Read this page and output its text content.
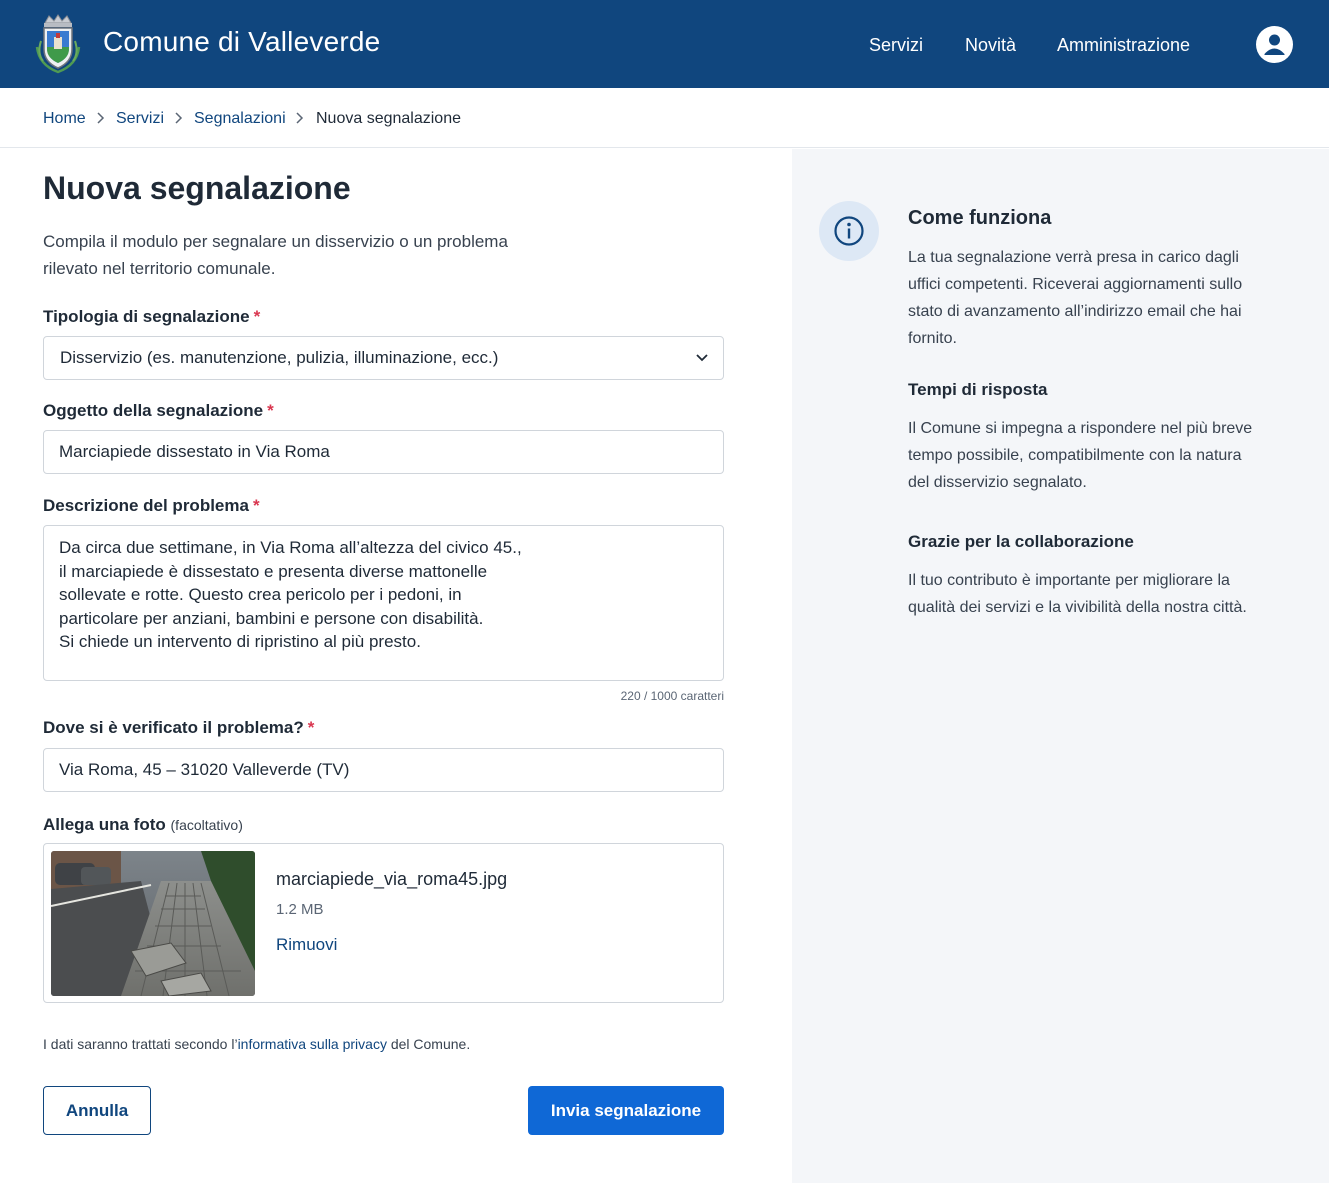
Comune di Valleverde	Servizi Novità Amministrazione
Home Servizi Segnalazioni Nuova segnalazione
Nuova segnalazione

Compila il modulo per segnalare un disservizio o un problema rilevato nel territorio comunale.

Tipologia di segnalazione *
Disservizio (es. manutenzione, pulizia, illuminazione, ecc.)
Oggetto della segnalazione *
Marciapiede dissestato in Via Roma
Descrizione del problema *
Da circa due settimane, in Via Roma all’altezza del civico 45., il marciapiede è dissestato e presenta diverse mattonelle sollevate e rotte. Questo crea pericolo per i pedoni, in particolare per anziani, bambini e persone con disabilità. Si chiede un intervento di ripristino al più presto.
220 / 1000 caratteri
Dove si è verificato il problema? *
Via Roma, 45 – 31020 Valleverde (TV)
Allega una foto (facoltativo)
marciapiede_via_roma45.jpg
1.2 MB
Rimuovi

I dati saranno trattati secondo l’informativa sulla privacy del Comune.

Annulla	Invia segnalazione
Come funziona

La tua segnalazione verrà presa in carico dagli uffici competenti. Riceverai aggiornamenti sullo stato di avanzamento all’indirizzo email che hai fornito.

Tempi di risposta

Il Comune si impegna a rispondere nel più breve tempo possibile, compatibilmente con la natura del disservizio segnalato.

Grazie per la collaborazione

Il tuo contributo è importante per migliorare la qualità dei servizi e la vivibilità della nostra città.
